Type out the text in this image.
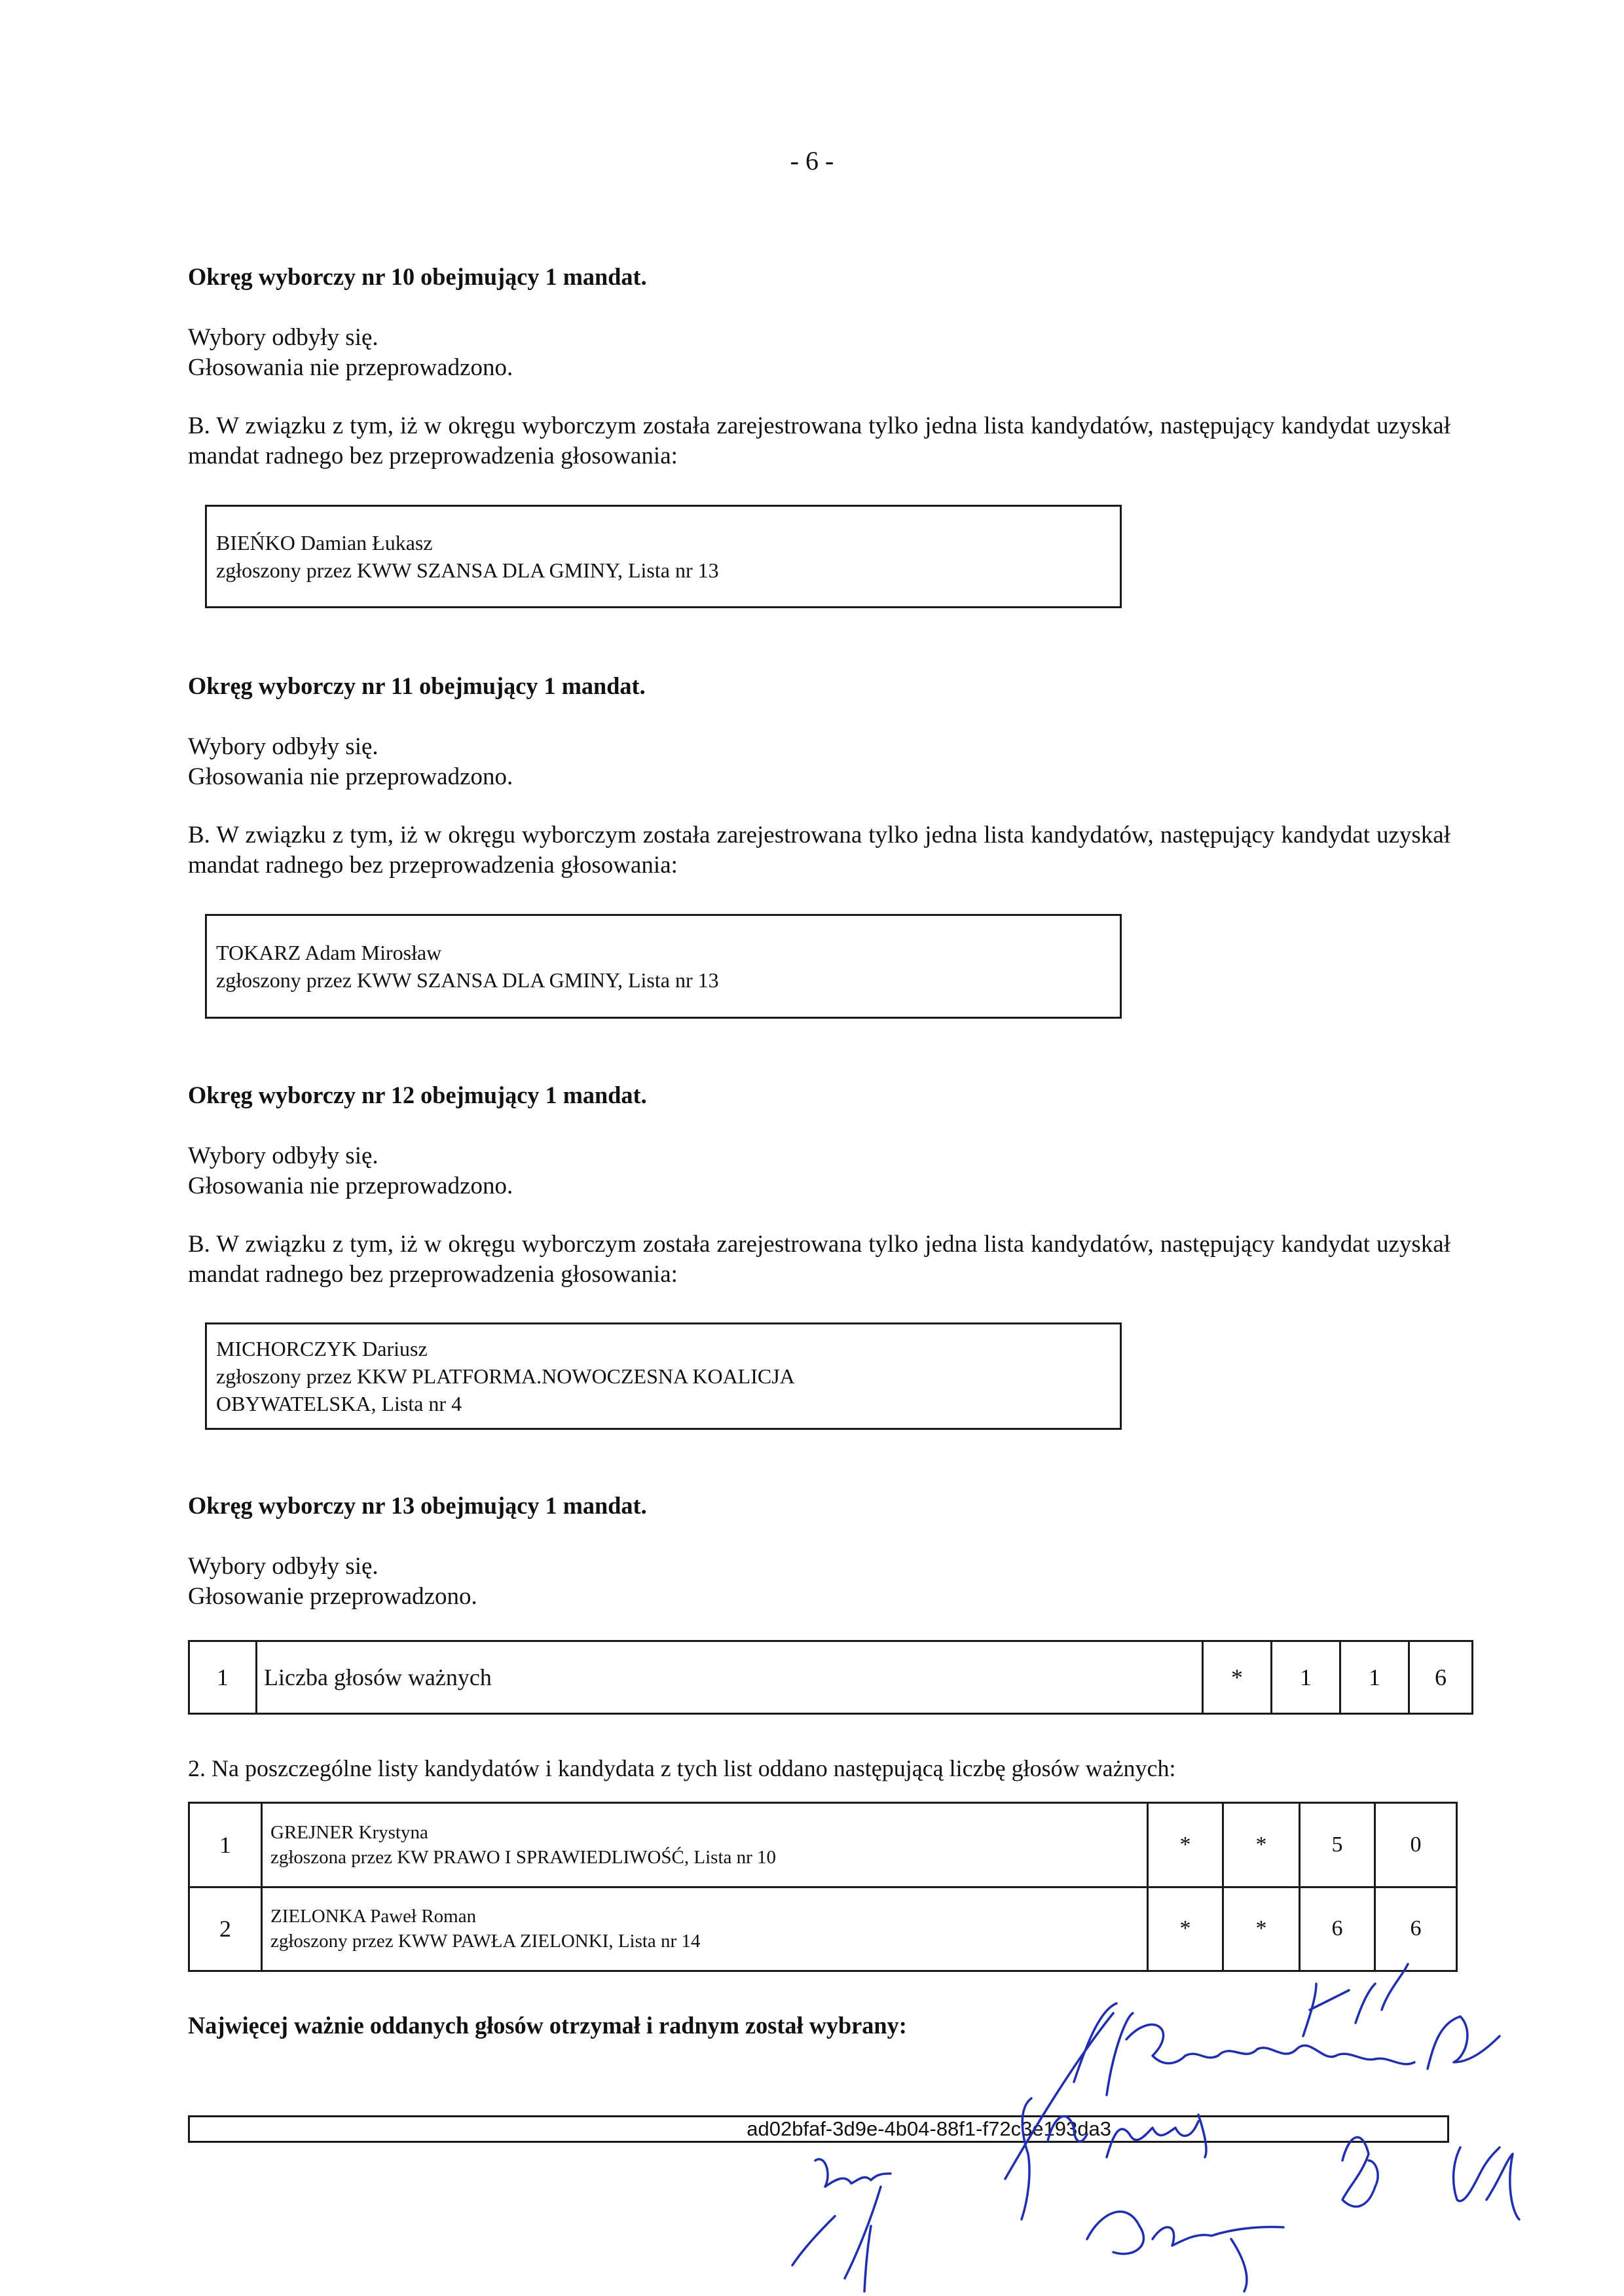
- 6 -
Okręg wyborczy nr 10 obejmujący 1 mandat.
Wybory odbyły się.
Głosowania nie przeprowadzono.
B. W związku z tym, iż w okręgu wyborczym została zarejestrowana tylko jedna lista kandydatów, następujący kandydat uzyskał mandat radnego bez przeprowadzenia głosowania:
BIEŃKO Damian Łukasz
zgłoszony przez KWW SZANSA DLA GMINY, Lista nr 13
Okręg wyborczy nr 11 obejmujący 1 mandat.
Wybory odbyły się.
Głosowania nie przeprowadzono.
B. W związku z tym, iż w okręgu wyborczym została zarejestrowana tylko jedna lista kandydatów, następujący kandydat uzyskał mandat radnego bez przeprowadzenia głosowania:
TOKARZ Adam Mirosław
zgłoszony przez KWW SZANSA DLA GMINY, Lista nr 13
Okręg wyborczy nr 12 obejmujący 1 mandat.
Wybory odbyły się.
Głosowania nie przeprowadzono.
B. W związku z tym, iż w okręgu wyborczym została zarejestrowana tylko jedna lista kandydatów, następujący kandydat uzyskał mandat radnego bez przeprowadzenia głosowania:
MICHORCZYK Dariusz
zgłoszony przez KKW PLATFORMA.NOWOCZESNA KOALICJA
OBYWATELSKA, Lista nr 4
Okręg wyborczy nr 13 obejmujący 1 mandat.
Wybory odbyły się.
Głosowanie przeprowadzono.
1	Liczba głosów ważnych	*	1	1	6
2. Na poszczególne listy kandydatów i kandydata z tych list oddano następującą liczbę głosów ważnych:
1	GREJNER Krystyna
zgłoszona przez KW PRAWO I SPRAWIEDLIWOŚĆ, Lista nr 10	*	*	5	0
2	ZIELONKA Paweł Roman
zgłoszony przez KWW PAWŁA ZIELONKI, Lista nr 14	*	*	6	6
Najwięcej ważnie oddanych głosów otrzymał i radnym został wybrany:
ad02bfaf-3d9e-4b04-88f1-f72c3e193da3
